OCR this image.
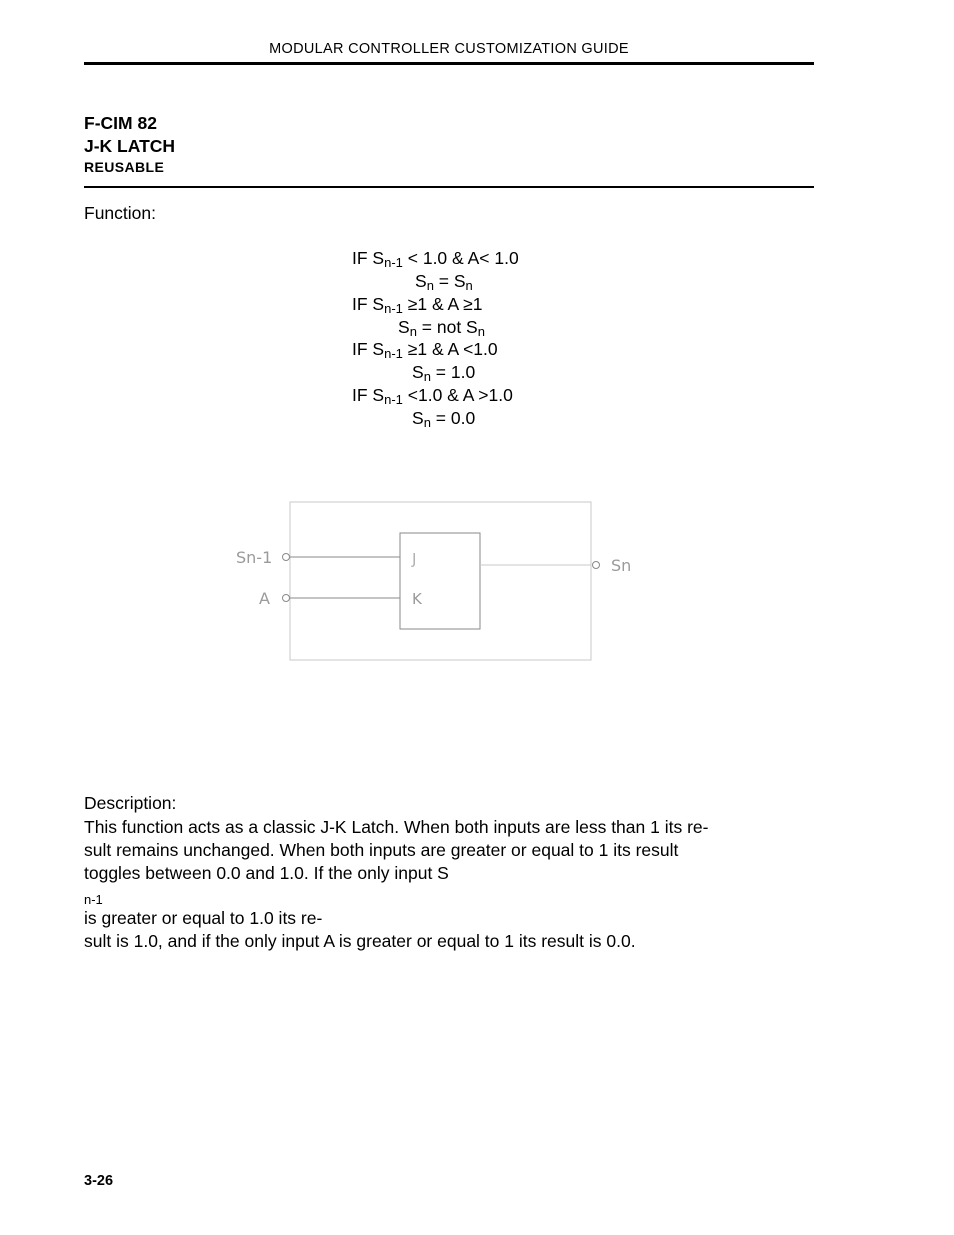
MODULAR CONTROLLER CUSTOMIZATION GUIDE
F-CIM 82
J-K LATCH
REUSABLE
Function:
IF $S_{n-1} < 1.0$ & A< 1.0
$S_n = S_n$
IF $S_{n-1} \ge 1$ & A ≥1
$S_n$ = not $S_n$
IF $S_{n-1} \ge 1$ & A <1.0
$S_n = 1.0$
IF $S_{n-1} <1.0$ & A >1.0
$S_n = 0.0$
Sn-1
A
J
K
Sn
Description:
This function acts as a classic J-K Latch. When both inputs are less than 1 its re-
sult remains unchanged. When both inputs are greater or equal to 1 its result
toggles between 0.0 and 1.0. If the only input S
$_{n-1}$
is greater or equal to 1.0 its re-
sult is 1.0, and if the only input A is greater or equal to 1 its result is 0.0.
3-26
